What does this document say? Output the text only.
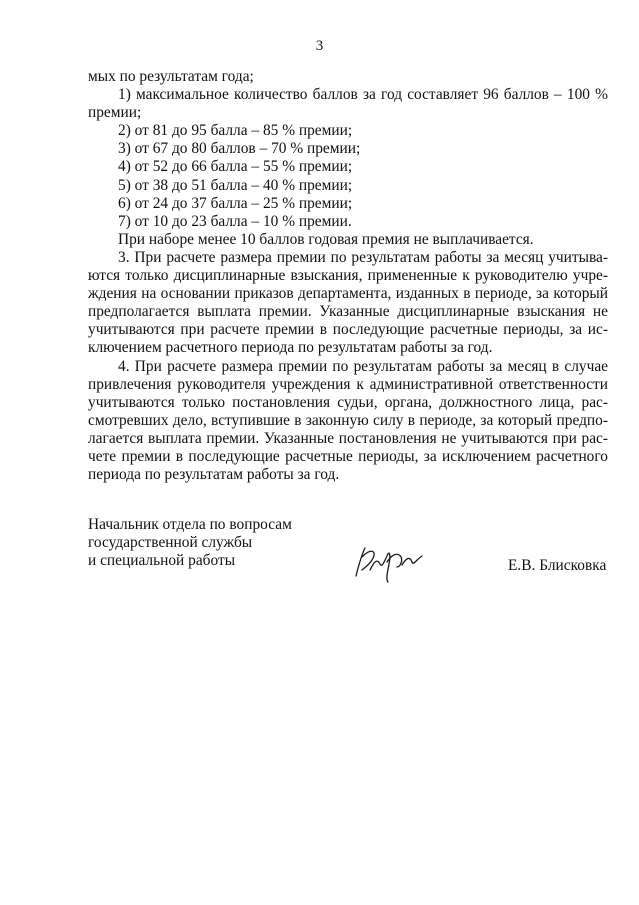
3
мых по результатам года;
1) максимальное количество баллов за год составляет 96 баллов – 100 %
премии;
2) от 81 до 95 балла – 85 % премии;
3) от 67 до 80 баллов – 70 % премии;
4) от 52 до 66 балла – 55 % премии;
5) от 38 до 51 балла – 40 % премии;
6) от 24 до 37 балла – 25 % премии;
7) от 10 до 23 балла – 10 % премии.
При наборе менее 10 баллов годовая премия не выплачивается.
3. При расчете размера премии по результатам работы за месяц учитыва-
ются только дисциплинарные взыскания, примененные к руководителю учре-
ждения на основании приказов департамента, изданных в периоде, за который
предполагается выплата премии. Указанные дисциплинарные взыскания не
учитываются при расчете премии в последующие расчетные периоды, за ис-
ключением расчетного периода по результатам работы за год.
4. При расчете размера премии по результатам работы за месяц в случае
привлечения руководителя учреждения к административной ответственности
учитываются только постановления судьи, органа, должностного лица, рас-
смотревших дело, вступившие в законную силу в периоде, за который предпо-
лагается выплата премии. Указанные постановления не учитываются при рас-
чете премии в последующие расчетные периоды, за исключением расчетного
периода по результатам работы за год.
Начальник отдела по вопросам
государственной службы
и специальной работы	Е.В. Блисковка
